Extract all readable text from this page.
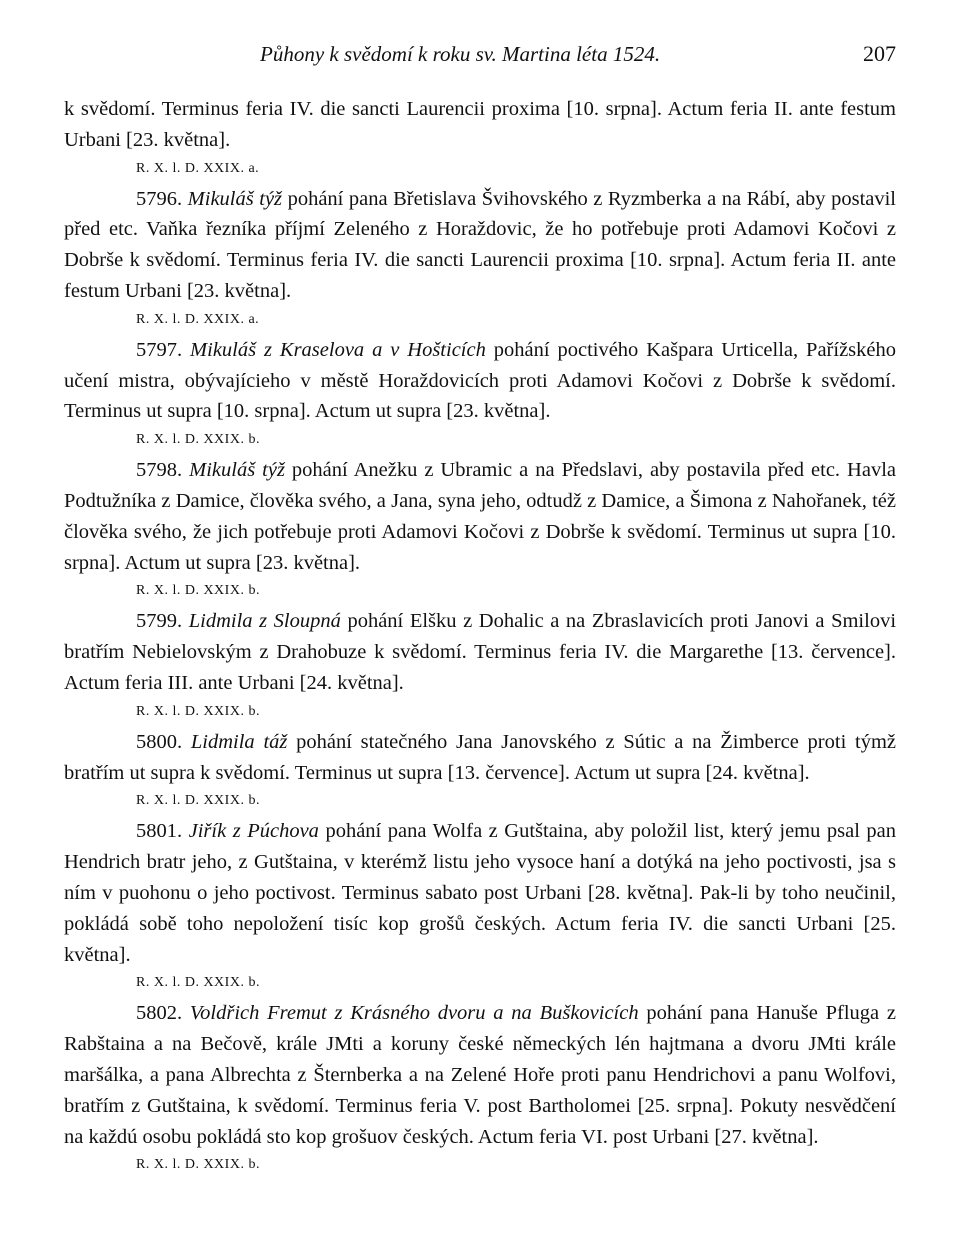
Půhony k svědomí k roku sv. Martina léta 1524.	207

k svědomí. Terminus feria IV. die sancti Laurencii proxima [10. srpna]. Actum feria II. ante festum Urbani [23. května].

R. X. l. D. XXIX. a.

5796. Mikuláš týž pohání pana Břetislava Švihovského z Ryzmberka a na Rábí, aby postavil před etc. Vaňka řezníka příjmí Zeleného z Horaždovic, že ho potřebuje proti Adamovi Kočovi z Dobrše k svědomí. Terminus feria IV. die sancti Laurencii proxima [10. srpna]. Actum feria II. ante festum Urbani [23. května].

R. X. l. D. XXIX. a.

5797. Mikuláš z Kraselova a v Hošticích pohání poctivého Kašpara Urticella, Pařížského učení mistra, obývajícieho v městě Horaždovicích proti Adamovi Kočovi z Dobrše k svědomí. Terminus ut supra [10. srpna]. Actum ut supra [23. května].

R. X. l. D. XXIX. b.

5798. Mikuláš týž pohání Anežku z Ubramic a na Předslavi, aby postavila před etc. Havla Podtužníka z Damice, člověka svého, a Jana, syna jeho, odtudž z Damice, a Šimona z Nahořanek, též člověka svého, že jich potřebuje proti Adamovi Kočovi z Dobrše k svědomí. Terminus ut supra [10. srpna]. Actum ut supra [23. května].

R. X. l. D. XXIX. b.

5799. Lidmila z Sloupná pohání Elšku z Dohalic a na Zbraslavicích proti Janovi a Smilovi bratřím Nebielovským z Drahobuze k svědomí. Terminus feria IV. die Margarethe [13. července]. Actum feria III. ante Urbani [24. května].

R. X. l. D. XXIX. b.

5800. Lidmila táž pohání statečného Jana Janovského z Sútic a na Žimberce proti týmž bratřím ut supra k svědomí. Terminus ut supra [13. července]. Actum ut supra [24. května].

R. X. l. D. XXIX. b.

5801. Jiřík z Púchova pohání pana Wolfa z Gutštaina, aby položil list, který jemu psal pan Hendrich bratr jeho, z Gutštaina, v kterémž listu jeho vysoce haní a dotýká na jeho poctivosti, jsa s ním v puohonu o jeho poctivost. Terminus sabato post Urbani [28. května]. Pak-li by toho neučinil, pokládá sobě toho nepoložení tisíc kop grošů českých. Actum feria IV. die sancti Urbani [25. května].

R. X. l. D. XXIX. b.

5802. Voldřich Fremut z Krásného dvoru a na Buškovicích pohání pana Hanuše Pfluga z Rabštaina a na Bečově, krále JMti a koruny české německých lén hajtmana a dvoru JMti krále maršálka, a pana Albrechta z Šternberka a na Zelené Hoře proti panu Hendrichovi a panu Wolfovi, bratřím z Gutštaina, k svědomí. Terminus feria V. post Bartholomei [25. srpna]. Pokuty nesvědčení na každú osobu pokládá sto kop grošuov českých. Actum feria VI. post Urbani [27. května].

R. X. l. D. XXIX. b.
